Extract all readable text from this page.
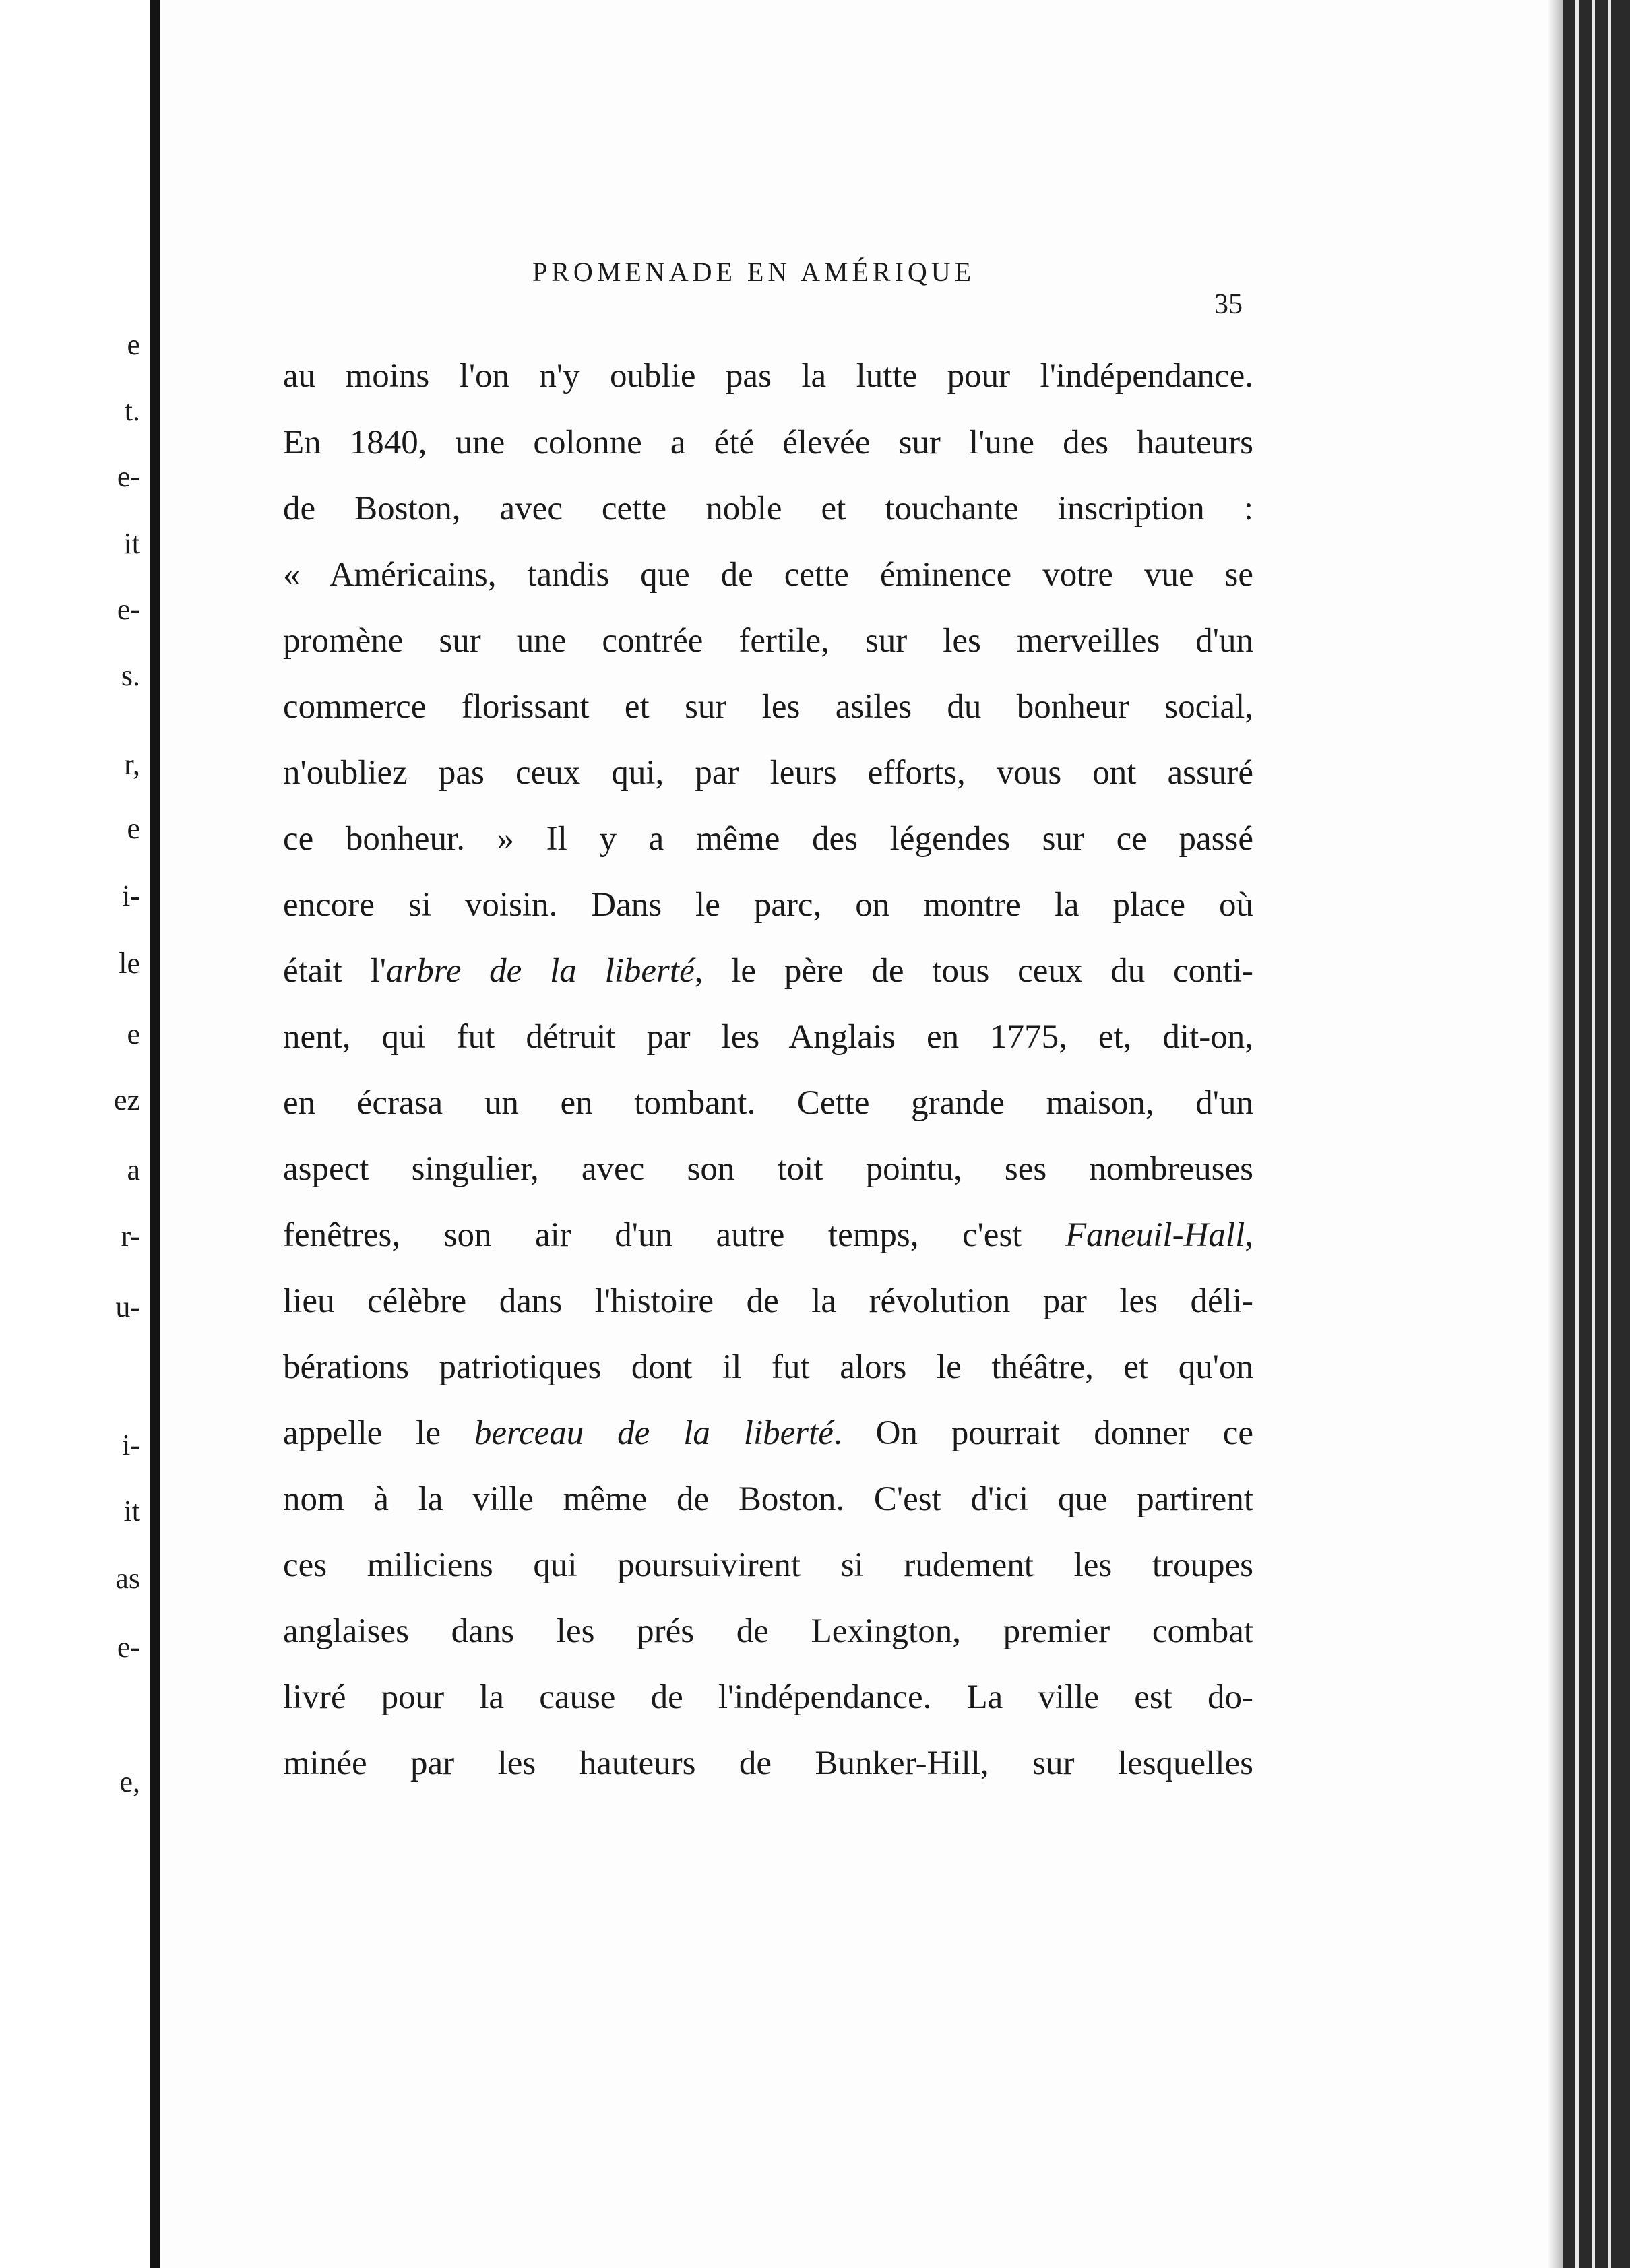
e
t.
e-
it
e-
s.
r,
e
i-
le
e
ez
a
r-
u-
i-
it
as
e-
e,
PROMENADE EN AMÉRIQUE
35
au moins l'on n'y oublie pas la lutte pour l'indépendance.
En 1840, une colonne a été élevée sur l'une des hauteurs
de Boston, avec cette noble et touchante inscription :
« Américains, tandis que de cette éminence votre vue se
promène sur une contrée fertile, sur les merveilles d'un
commerce florissant et sur les asiles du bonheur social,
n'oubliez pas ceux qui, par leurs efforts, vous ont assuré
ce bonheur. » Il y a même des légendes sur ce passé
encore si voisin. Dans le parc, on montre la place où
était l'arbre de la liberté, le père de tous ceux du conti-
nent, qui fut détruit par les Anglais en 1775, et, dit-on,
en écrasa un en tombant. Cette grande maison, d'un
aspect singulier, avec son toit pointu, ses nombreuses
fenêtres, son air d'un autre temps, c'est Faneuil-Hall,
lieu célèbre dans l'histoire de la révolution par les déli-
bérations patriotiques dont il fut alors le théâtre, et qu'on
appelle le berceau de la liberté. On pourrait donner ce
nom à la ville même de Boston. C'est d'ici que partirent
ces miliciens qui poursuivirent si rudement les troupes
anglaises dans les prés de Lexington, premier combat
livré pour la cause de l'indépendance. La ville est do-
minée par les hauteurs de Bunker-Hill, sur lesquelles
